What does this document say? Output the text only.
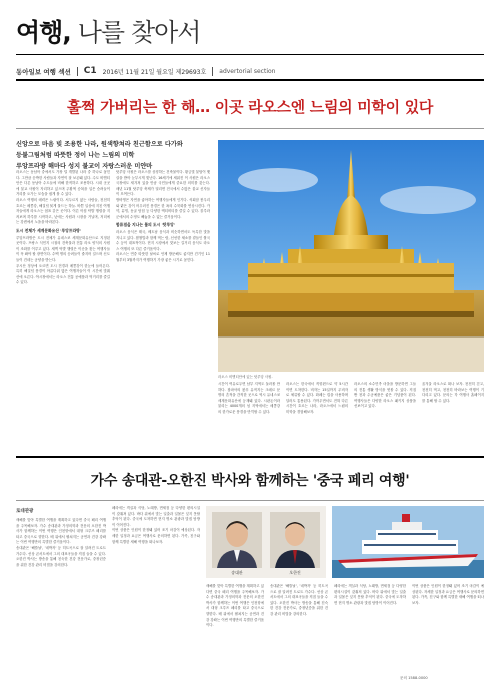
여행, 나를 찾아서
동아일보 여행 섹션 C1 2016년 11월 21일 월요일 제29693호 advertorial section
훌쩍 가버리는 한 해… 이곳 라오스엔 느림의 미학이 있다

신앙으로 마음 빚 조용한 나라, 원색향쳐라 친근함으로 다가와

등불그림처럼 따뜻한 정이 나는 느림의 미학

루앙프라방 해마다 성지 불교이 자랑스러운 미얀마

라오스는 동남아 중에서도 가장 덜 개발된 나라 중 하나로 꼽힌다. 그만큼 순박한 사람들과 자연이 잘 보존돼 있다. 수도 비엔티안은 다른 동남아 수도들에 비해 한적하고 조용하다. 시내 곳곳에 불교 사원이 자리하고 있으며 주황색 승복을 입은 승려들이 거리를 오가는 모습을 쉽게 볼 수 있다.

라오스 여행의 매력은 느림이다. 서두르지 않는 사람들, 천천히 흐르는 메콩강, 해질녘 붉게 물드는 하늘. 바쁜 일상에 지친 여행자들에게 라오스는 쉼표 같은 곳이다. 이른 아침 탁발 행렬을 지켜보며 하루를 시작하고, 낮에는 사원과 시장을 거닐며, 저녁에는 강변에서 노을을 바라본다.

도시 전체가 세계문화유산 '루앙프라방'

루앙프라방은 도시 전체가 유네스코 세계문화유산으로 지정된 곳이다. 프랑스 식민지 시절의 건축물과 전통 라오 양식의 사원이 조화를 이루고 있다. 새벽 탁발 행렬은 이곳을 찾는 여행자들이 꼭 봐야 할 장면이다. 수백 명의 승려들이 줄지어 걸으며 신도들이 건네는 공양을 받는다.

푸시산 정상에 오르면 도시 전경과 메콩강이 한눈에 들어온다. 특히 해질녘 풍경이 아름다워 많은 여행자들이 이 시간에 맞춰 산에 오른다. 야시장에서는 라오스 전통 공예품과 먹거리를 즐길 수 있다.

탓루앙 사원은 라오스를 상징하는 건축물이다. 황금빛 불탑이 햇살을 받아 눈부시게 빛난다. 16세기에 세워진 이 사원은 라오스 국장에도 새겨져 있을 만큼 국민들에게 중요한 의미를 갖는다. 매년 11월 탓루앙 축제가 열리면 전국에서 수많은 불교 신자들이 모여든다.

방비엥은 자연을 좋아하는 여행자들에게 인기다. 석회암 봉우리와 맑은 강이 어우러진 풍경은 한 폭의 수묵화를 연상시킨다. 카약, 튜빙, 동굴 탐험 등 다양한 액티비티를 즐길 수 있다. 블루라군에서의 수영도 빼놓을 수 없는 즐거움이다.

합류점을 지나는 불의 도시 '탓루앙'

라오스 음식은 태국, 베트남 음식과 비슷하면서도 독특한 맛을 지니고 있다. 찹쌀밥과 함께 먹는 랍, 신선한 채소를 곁들인 쌀국수 등이 대표적이다. 현지 시장에서 맛보는 길거리 음식도 라오스 여행의 또 다른 즐거움이다.

라오스는 연중 따뜻한 날씨로 언제 방문해도 좋지만 건기인 11월부터 3월까지가 여행하기 가장 좋은 시기로 꼽힌다.

라오스 비엔티안에 있는 탓루앙 사원.

시간이 여유로우면 남부 지역도 둘러볼 만하다. 참파삭의 왓푸 유적지는 크메르 문명의 흔적을 간직한 곳으로 역시 유네스코 세계문화유산에 등재돼 있다. 시판돈이라 불리는 4000개의 섬 지역에서는 메콩강의 한가로운 풍경을 만끽할 수 있다.

라오스는 한국에서 직항편으로 약 5시간이면 도착한다. 비자는 15일까지 무비자로 체류할 수 있다. 화폐는 킵을 사용하며 달러도 통용된다. 가까우면서도 전혀 다른 시간이 흐르는 나라, 라오스에서 느림의 미학을 경험해보자.

라오스의 소수민족 마을을 방문하면 그들의 전통 생활 방식을 엿볼 수 있다. 직접 짠 천과 수공예품은 좋은 기념품이 된다. 여행사들은 다양한 라오스 패키지 상품을 선보이고 있다.

올겨울 라오스로 떠나 보자. 천천히 걷고, 천천히 먹고, 천천히 바라보는 여행이 기다리고 있다. 문의는 각 여행사 홈페이지를 통해 할 수 있다.

가수 송대관-오한진 박사와 함께하는 '중국 페리 여행'
로대관광

새해를 맞아 특별한 여행을 계획하고 있다면 중국 페리 여행을 주목해보자. 가수 송대관과 가정의학과 전문의 오한진 박사가 함께하는 이번 여행은 인천항에서 대형 크루즈 페리를 타고 중국으로 향한다. 배 위에서 펼쳐지는 공연과 건강 강좌는 이번 여행만의 특별한 즐거움이다.

송대관은 '해뜰날', '네박자' 등 히트곡으로 잘 알려진 트로트 가수다. 선상 콘서트에서 그의 대표곡들을 직접 들을 수 있다. 오한진 박사는 방송을 통해 친숙한 건강 전문가로, 중장년층을 위한 건강 관리 비법을 강의한다.

페리에는 객실과 식당, 노래방, 면세점 등 다양한 편의시설이 갖춰져 있다. 바다 위에서 맞는 일출과 일몰은 잊지 못할 추억이 된다. 중국에 도착하면 현지 명소 관광과 맛집 탐방이 이어진다.

이번 상품은 인원이 한정돼 있어 조기 마감이 예상된다. 자세한 일정과 요금은 여행사로 문의하면 된다. 가족, 친구와 함께 특별한 새해 여행을 떠나보자.

송대관	오한진

새해를 맞아 특별한 여행을 계획하고 있다면 중국 페리 여행을 주목해보자. 가수 송대관과 가정의학과 전문의 오한진 박사가 함께하는 이번 여행은 인천항에서 대형 크루즈 페리를 타고 중국으로 향한다. 배 위에서 펼쳐지는 공연과 건강 강좌는 이번 여행만의 특별한 즐거움이다.

송대관은 '해뜰날', '네박자' 등 히트곡으로 잘 알려진 트로트 가수다. 선상 콘서트에서 그의 대표곡들을 직접 들을 수 있다. 오한진 박사는 방송을 통해 친숙한 건강 전문가로, 중장년층을 위한 건강 관리 비법을 강의한다.

페리에는 객실과 식당, 노래방, 면세점 등 다양한 편의시설이 갖춰져 있다. 바다 위에서 맞는 일출과 일몰은 잊지 못할 추억이 된다. 중국에 도착하면 현지 명소 관광과 맛집 탐방이 이어진다.

이번 상품은 인원이 한정돼 있어 조기 마감이 예상된다. 자세한 일정과 요금은 여행사로 문의하면 된다. 가족, 친구와 함께 특별한 새해 여행을 떠나보자.

문의 1588-0000
